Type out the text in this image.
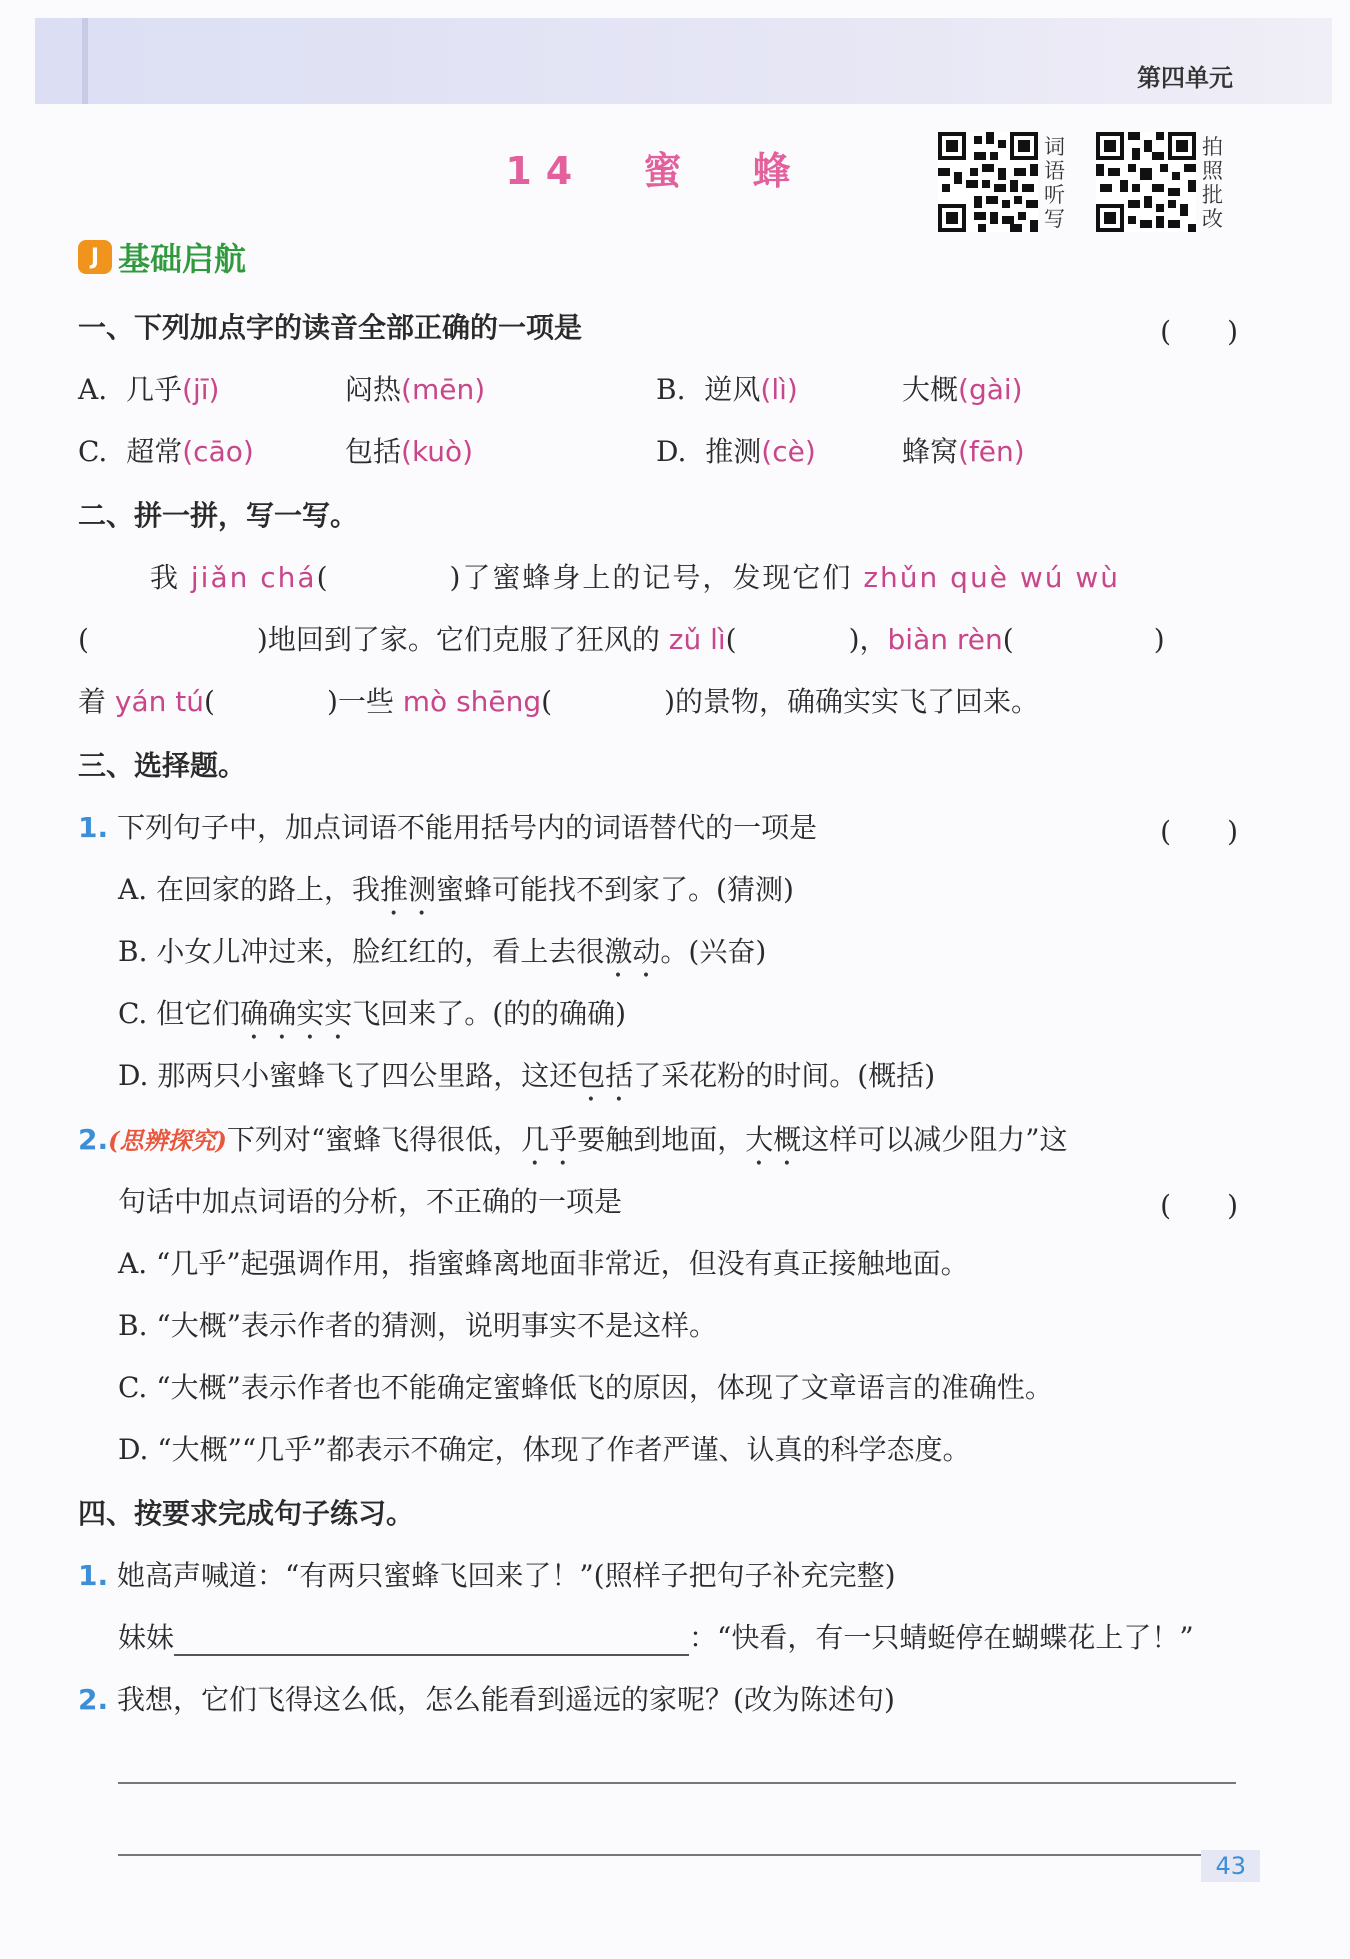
第四单元
14 蜜 蜂
词语听写
拍照批改
J 基础启航
一、下列加点字的读音全部正确的一项是	(　　)
A. 几乎(jī)	闷热(mēn)	B. 逆风(lì)	大概(gài)
C. 超常(cāo)	包括(kuò)	D. 推测(cè)	蜂窝(fēn)
二、拼一拼，写一写。
我 jiǎn chá(　　　　)了蜜蜂身上的记号，发现它们 zhǔn què wú wù
(　　　　　　)地回到了家。它们克服了狂风的 zǔ lì(　　　　)，biàn rèn(　　　　　)
着 yán tú(　　　　)一些 mò shēng(　　　　)的景物，确确实实飞了回来。
三、选择题。
1. 下列句子中，加点词语不能用括号内的词语替代的一项是	(　　)
A. 在回家的路上，我推测蜜蜂可能找不到家了。(猜测)
B. 小女儿冲过来，脸红红的，看上去很激动。(兴奋)
C. 但它们确确实实飞回来了。(的的确确)
D. 那两只小蜜蜂飞了四公里路，这还包括了采花粉的时间。(概括)
2.(思辨探究)下列对“蜜蜂飞得很低，几乎要触到地面，大概这样可以减少阻力”这
句话中加点词语的分析，不正确的一项是	(　　)
A. “几乎”起强调作用，指蜜蜂离地面非常近，但没有真正接触地面。
B. “大概”表示作者的猜测，说明事实不是这样。
C. “大概”表示作者也不能确定蜜蜂低飞的原因，体现了文章语言的准确性。
D. “大概”“几乎”都表示不确定，体现了作者严谨、认真的科学态度。
四、按要求完成句子练习。
1. 她高声喊道：“有两只蜜蜂飞回来了！”(照样子把句子补充完整)
妹妹	：“快看，有一只蜻蜓停在蝴蝶花上了！”
2. 我想，它们飞得这么低，怎么能看到遥远的家呢？(改为陈述句)
43
